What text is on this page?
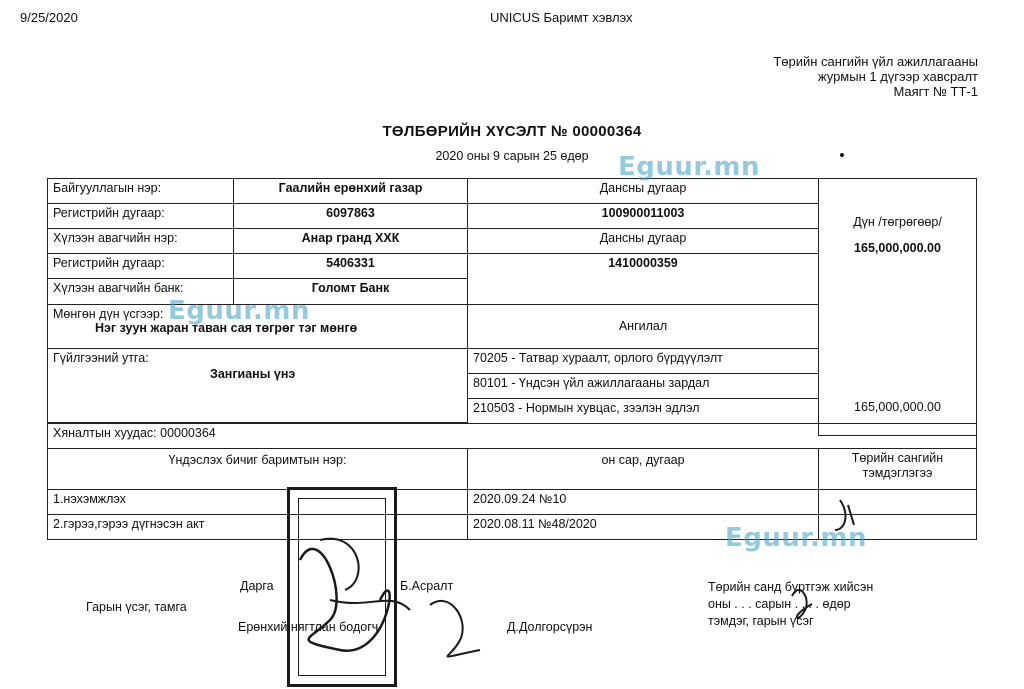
9/25/2020	UNICUS Баримт хэвлэх
Төрийн сангийн үйл ажиллагааны
журмын 1 дүгээр хавсралт
Маягт № ТТ-1
ТӨЛБӨРИЙН ХҮСЭЛТ № 00000364
2020 оны 9 сарын 25 өдөр
Байгууллагын нэр:	Гаалийн ерөнхий газар	Дансны дугаар
Регистрийн дугаар:	6097863	100900011003
Хүлээн авагчийн нэр:	Анар гранд ХХК	Дансны дугаар
Регистрийн дугаар:	5406331	1410000359
Хүлээн авагчийн банк:	Голомт Банк
Дүн /төгрөгөөр/
165,000,000.00
Мөнгөн дүн үсгээр:
Нэг зуун жаран таван сая төгрөг тэг мөнгө	Ангилал
Гүйлгээний утга:
Зангианы үнэ
70205 - Татвар хураалт, орлого бүрдүүлэлт
80101 - Үндсэн үйл ажиллагааны зардал
210503 - Нормын хувцас, зээлэн эдлэл	165,000,000.00
Хяналтын хуудас: 00000364
Үндэслэх бичиг баримтын нэр:	он сар, дугаар	Төрийн сангийн
тэмдэглэгээ
1.нэхэмжлэх	2020.09.24 №10
2.гэрээ,гэрээ дүгнэсэн акт	2020.08.11 №48/2020
Eguur.mn
Eguur.mn
Eguur.mn
Гарын үсэг, тамга
Дарга	Б.Асралт
Ерөнхий нягтлан бодогч	Д.Долгорсүрэн
Төрийн санд бүртгэж хийсэн
оны . . . сарын . . . . өдөр
тэмдэг, гарын үсэг
